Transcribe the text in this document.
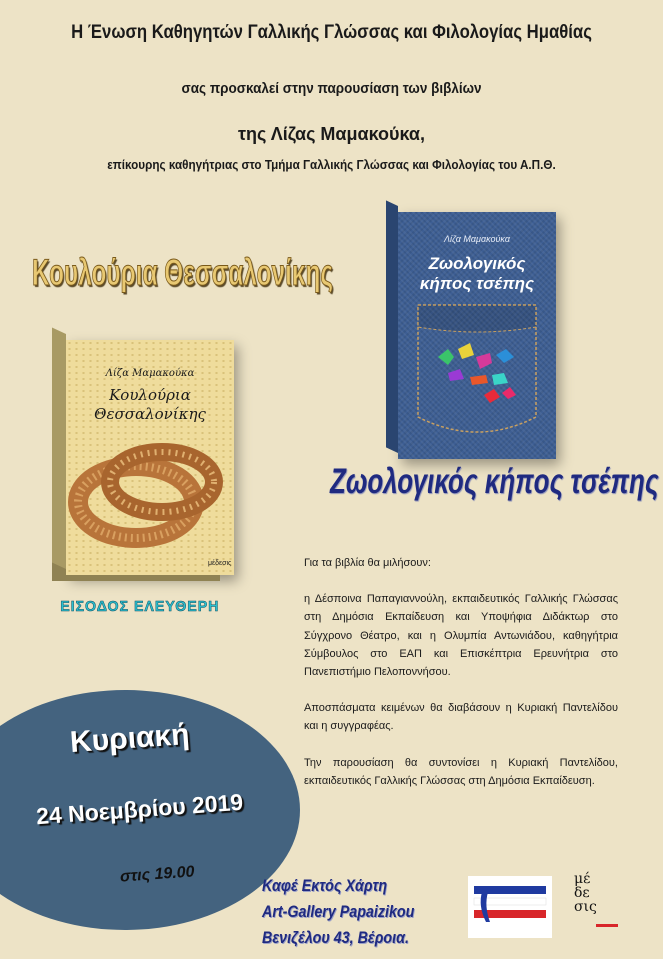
Η Ένωση Καθηγητών Γαλλικής Γλώσσας και Φιλολογίας Ημαθίας
σας προσκαλεί στην παρουσίαση των βιβλίων
της Λίζας Μαμακούκα,
επίκουρης καθηγήτριας στο Τμήμα Γαλλικής Γλώσσας και Φιλολογίας του Α.Π.Θ.
Κουλούρια Θεσσαλονίκης
Λίζα Μαμακούκα
Κουλούρια
Θεσσαλονίκης
μέδεσις
Λίζα Μαμακούκα
Ζωολογικός
κήπος τσέπης
Ζωολογικός κήπος τσέπης
ΕΙΣΟΔΟΣ ΕΛΕΥΘΕΡΗ

Για τα βιβλία θα μιλήσουν:

η Δέσποινα Παπαγιαννούλη, εκπαιδευτικός Γαλλικής Γλώσσας στη Δημόσια Εκπαίδευση και Υποψήφια Διδάκτωρ στο Σύγχρονο Θέατρο, και η Ολυμπία Αντωνιάδου, καθηγήτρια Σύμβουλος στο ΕΑΠ και Επισκέπτρια Ερευνήτρια στο Πανεπιστήμιο Πελοποννήσου.

Αποσπάσματα κειμένων θα διαβάσουν η Κυριακή Παντελίδου και η συγγραφέας.

Την παρουσίαση θα συντονίσει η Κυριακή Παντελίδου, εκπαιδευτικός Γαλλικής Γλώσσας στη Δημόσια Εκπαίδευση.

Κυριακή
24 Νοεμβρίου 2019
στις 19.00	Καφέ Εκτός Χάρτη
Art-Gallery Papaizikou
Βενιζέλου 43, Βέροια.
μέδεσις
